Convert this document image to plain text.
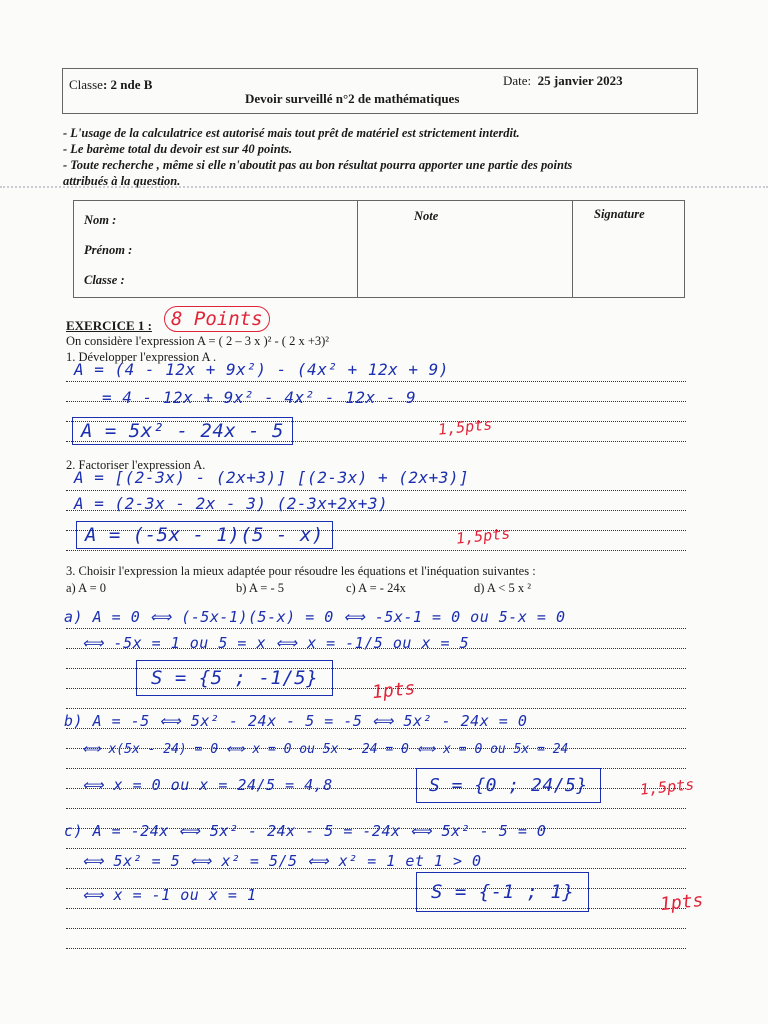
Classe: 2 nde B	Date: 25 janvier 2023
Devoir surveillé n°2 de mathématiques
- L'usage de la calculatrice est autorisé mais tout prêt de matériel est strictement interdit.
- Le barème total du devoir est sur 40 points.
- Toute recherche , même si elle n'aboutit pas au bon résultat pourra apporter une partie des points
attribués à la question.
Nom :
Prénom :
Classe :
Note	Signature
EXERCICE 1 :	8 Points
On considère l'expression A = ( 2 – 3 x )² - ( 2 x +3)²
1. Développer l'expression A .
A = (4 - 12x + 9x²) - (4x² + 12x + 9)
= 4 - 12x + 9x² - 4x² - 12x - 9
A = 5x² - 24x - 5	1,5pts
2. Factoriser l'expression A.
A = [(2-3x) - (2x+3)] [(2-3x) + (2x+3)]
A = (2-3x - 2x - 3) (2-3x+2x+3)
A = (-5x - 1)(5 - x)	1,5pts
3. Choisir l'expression la mieux adaptée pour résoudre les équations et l'inéquation suivantes :
a) A = 0	b) A = - 5	c) A = - 24x	d) A < 5 x ²
a) A = 0 ⟺ (-5x-1)(5-x) = 0 ⟺ -5x-1 = 0 ou 5-x = 0
⟺ -5x = 1 ou 5 = x ⟺ x = -1/5 ou x = 5
S = {5 ; -1/5}	1pts
b) A = -5 ⟺ 5x² - 24x - 5 = -5 ⟺ 5x² - 24x = 0
⟺ x(5x - 24) = 0 ⟺ x = 0 ou 5x - 24 = 0 ⟺ x = 0 ou 5x = 24
⟺ x = 0 ou x = 24/5 = 4,8	S = {0 ; 24/5}	1,5pts
c) A = -24x ⟺ 5x² - 24x - 5 = -24x ⟺ 5x² - 5 = 0
⟺ 5x² = 5 ⟺ x² = 5/5 ⟺ x² = 1 et 1 > 0
⟺ x = -1 ou x = 1	S = {-1 ; 1}	1pts
